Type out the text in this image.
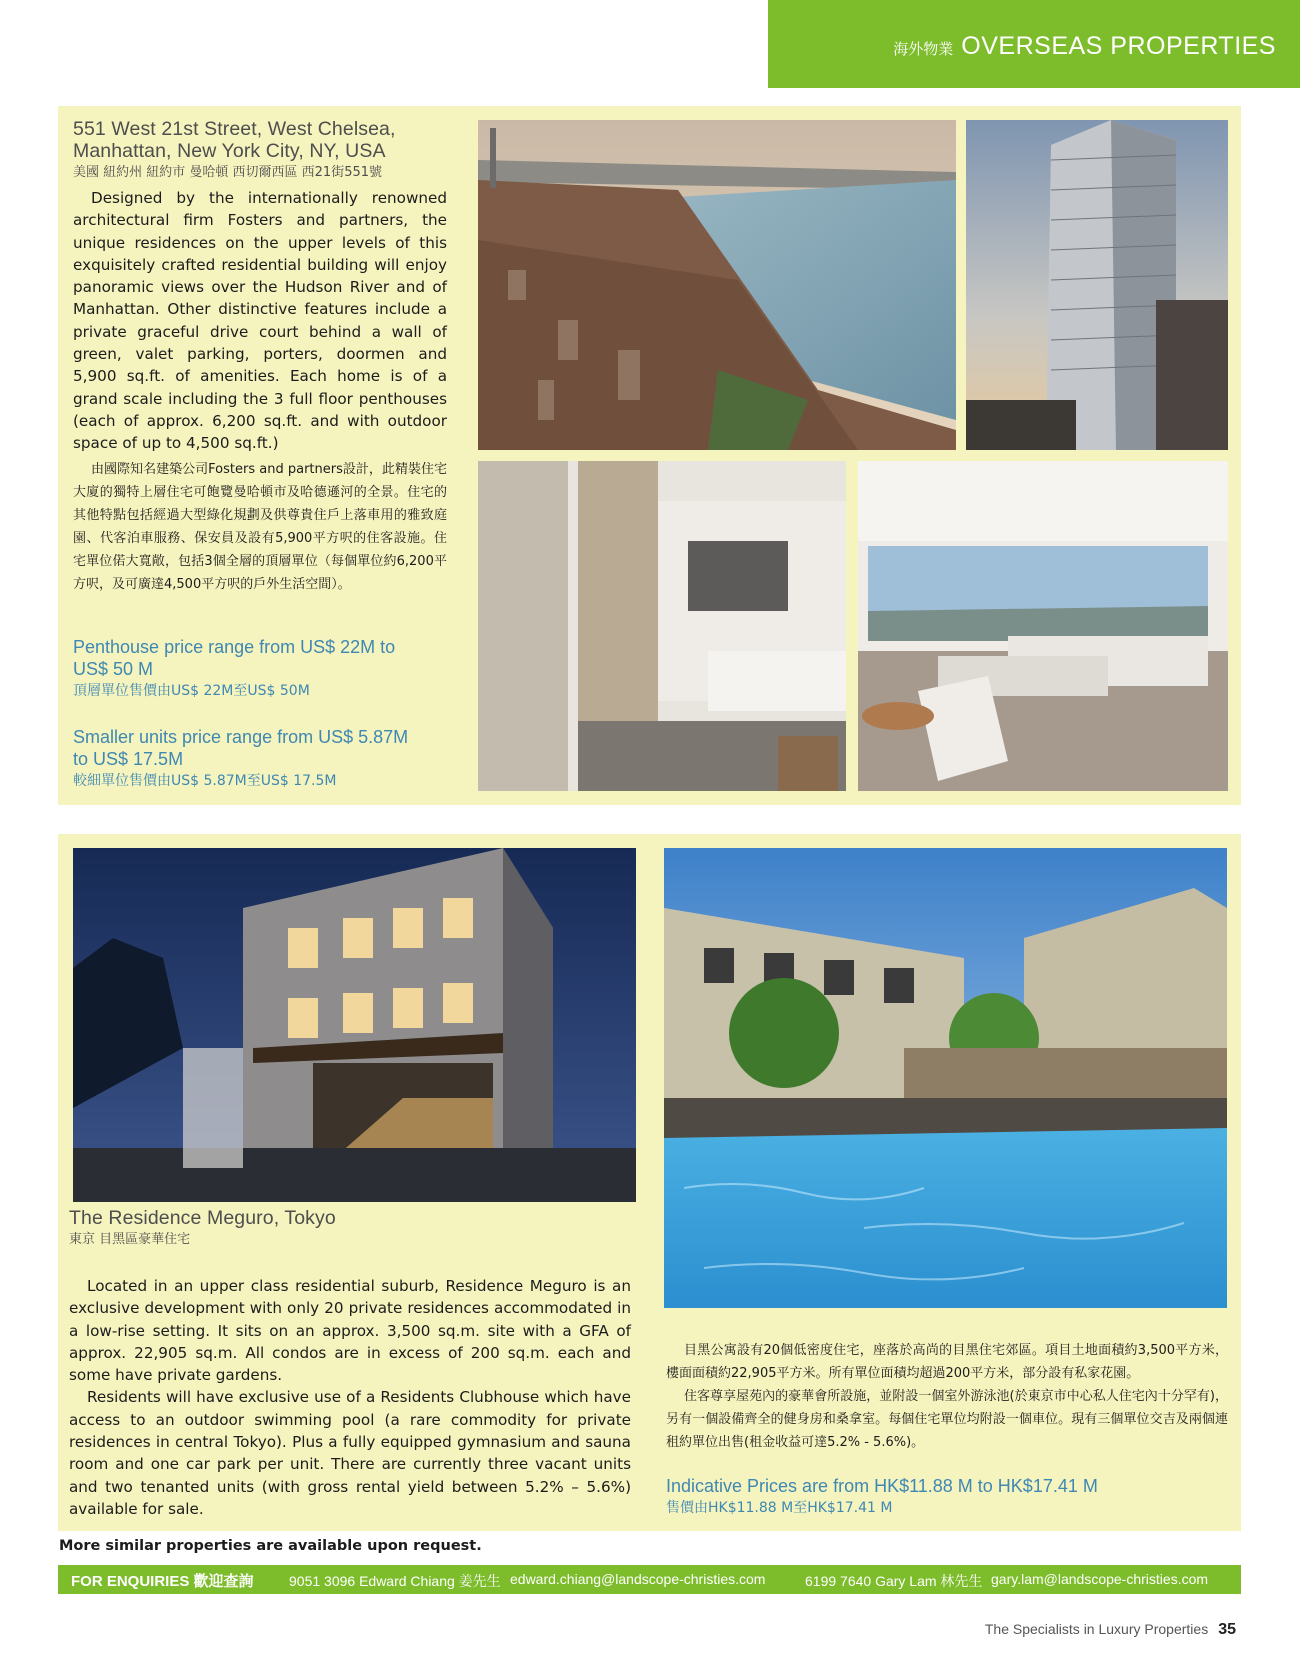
海外物業 OVERSEAS PROPERTIES
551 West 21st Street, West Chelsea,
Manhattan, New York City, NY, USA
美國 紐約州 紐約市 曼哈頓 西切爾西區 西21街551號

Designed by the internationally renowned architectural firm Fosters and partners, the unique residences on the upper levels of this exquisitely crafted residential building will enjoy panoramic views over the Hudson River and of Manhattan. Other distinctive features include a private graceful drive court behind a wall of green, valet parking, porters, doormen and 5,900 sq.ft. of amenities. Each home is of a grand scale including the 3 full floor penthouses (each of approx. 6,200 sq.ft. and with outdoor space of up to 4,500 sq.ft.)

由國際知名建築公司Fosters and partners設計，此精裝住宅大廈的獨特上層住宅可飽覽曼哈頓市及哈德遜河的全景。住宅的其他特點包括經過大型綠化規劃及供尊貴住戶上落車用的雅致庭園、代客泊車服務、保安員及設有5,900平方呎的住客設施。住宅單位偌大寬敞，包括3個全層的頂層單位（每個單位約6,200平方呎，及可廣達4,500平方呎的戶外生活空間）。

Penthouse price range from US$ 22M to
US$ 50 M
頂層單位售價由US$ 22M至US$ 50M
Smaller units price range from US$ 5.87M
to US$ 17.5M
較細單位售價由US$ 5.87M至US$ 17.5M
The Residence Meguro, Tokyo
東京 目黑區豪華住宅

Located in an upper class residential suburb, Residence Meguro is an exclusive development with only 20 private residences accommodated in a low-rise setting. It sits on an approx. 3,500 sq.m. site with a GFA of approx. 22,905 sq.m. All condos are in excess of 200 sq.m. each and some have private gardens.

Residents will have exclusive use of a Residents Clubhouse which have access to an outdoor swimming pool (a rare commodity for private residences in central Tokyo). Plus a fully equipped gymnasium and sauna room and one car park per unit. There are currently three vacant units and two tenanted units (with gross rental yield between 5.2% – 5.6%) available for sale.

目黑公寓設有20個低密度住宅，座落於高尚的目黑住宅郊區。項目土地面積約3,500平方米，樓面面積約22,905平方米。所有單位面積均超過200平方米，部分設有私家花園。

住客尊享屋苑內的豪華會所設施，並附設一個室外游泳池(於東京市中心私人住宅內十分罕有)，另有一個設備齊全的健身房和桑拿室。每個住宅單位均附設一個車位。現有三個單位交吉及兩個連租約單位出售(租金收益可達5.2% - 5.6%)。

Indicative Prices are from HK$11.88 M to HK$17.41 M
售價由HK$11.88 M至HK$17.41 M
More similar properties are available upon request.
FOR ENQUIRIES 歡迎查詢	9051 3096 Edward Chiang 姜先生 edward.chiang@landscope-christies.com	6199 7640 Gary Lam 林先生 gary.lam@landscope-christies.com
The Specialists in Luxury Properties 35
